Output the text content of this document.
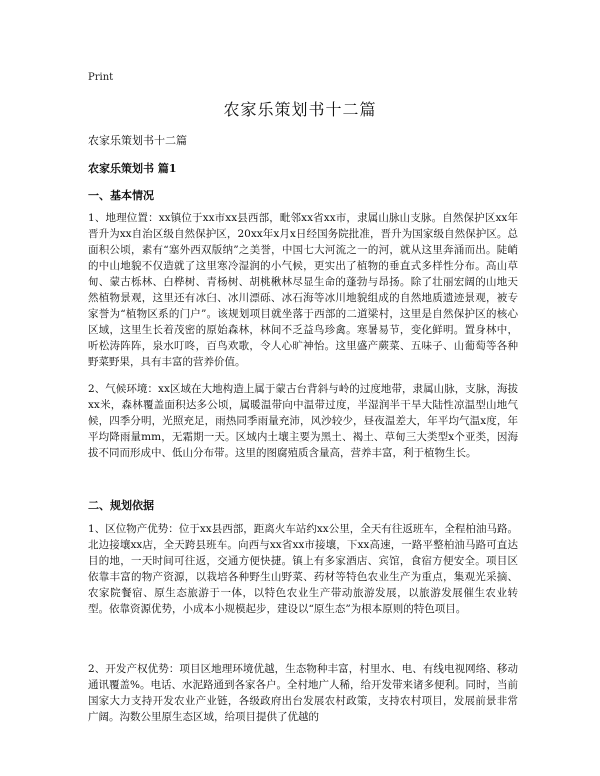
Print
农家乐策划书十二篇
农家乐策划书十二篇
农家乐策划书 篇1
一、基本情况

1、地理位置：xx镇位于xx市xx县西部，毗邻xx省xx市，隶属山脉山支脉。自然保护区xx年晋升为xx自治区级自然保护区，20xx年x月x日经国务院批准，晋升为国家级自然保护区。总面积公顷，素有“塞外西双版纳”之美誉，中国七大河流之一的河，就从这里奔涌而出。陡峭的中山地貌不仅造就了这里寒冷湿润的小气候，更实出了植物的垂直式多样性分布。高山草甸、蒙古栎林、白桦树、青杨树、胡桃楸林尽显生命的蓬勃与昂扬。除了壮丽宏阔的山地天然植物景观，这里还有冰臼、冰川漂砾、冰石海等冰川地貌组成的自然地质遗迹景观，被专家誉为“植物区系的门户”。该规划项目就坐落于西部的二道梁村，这里是自然保护区的核心区域，这里生长着茂密的原始森林，林间不乏益鸟珍禽。寒暑易节，变化鲜明。置身林中，听松涛阵阵，泉水叮咚，百鸟欢歌，令人心旷神怡。这里盛产蕨菜、五味子、山葡萄等各种野菜野果，具有丰富的营养价值。

2、气候环境：xx区域在大地构造上属于蒙古台背斜与岭的过度地带，隶属山脉，支脉，海拔xx米，森林覆盖面积达多公顷，属暖温带向中温带过度，半湿润半干旱大陆性凉温型山地气候，四季分明，光照充足，雨热同季雨量充沛，风沙较少，昼夜温差大，年平均气温x度，年平均降雨量mm，无霜期一天。区域内土壤主要为黑土、褐土、草甸三大类型x个亚类，因海拔不同而形成中、低山分布带。这里的图腐殖质含量高，营养丰富，利于植物生长。

二、规划依据

1、区位物产优势：位于xx县西部，距离火车站约xx公里，全天有往返班车，全程柏油马路。北边接壤xx店，全天跨县班车。向西与xx省xx市接壤，下xx高速，一路平整柏油马路可直达目的地，一天时间可往返，交通方便快捷。镇上有多家酒店、宾馆，食宿方便安全。项目区依靠丰富的物产资源，以栽培各种野生山野菜、药材等特色农业生产为重点，集观光采摘、农家院餐宿、原生态旅游于一体，以特色农业生产带动旅游发展，以旅游发展催生农业转型。依靠资源优势，小成本小规模起步，建设以“原生态”为根本原则的特色项目。

2、开发产权优势：项目区地理环境优越，生态物种丰富，村里水、电、有线电视网络、移动通讯覆盖%。电话、水泥路通到各家各户。全村地广人稀，给开发带来诸多便利。同时，当前国家大力支持开发农业产业链，各级政府出台发展农村政策，支持农村项目，发展前景非常广阔。沟数公里原生态区域，给项目提供了优越的
